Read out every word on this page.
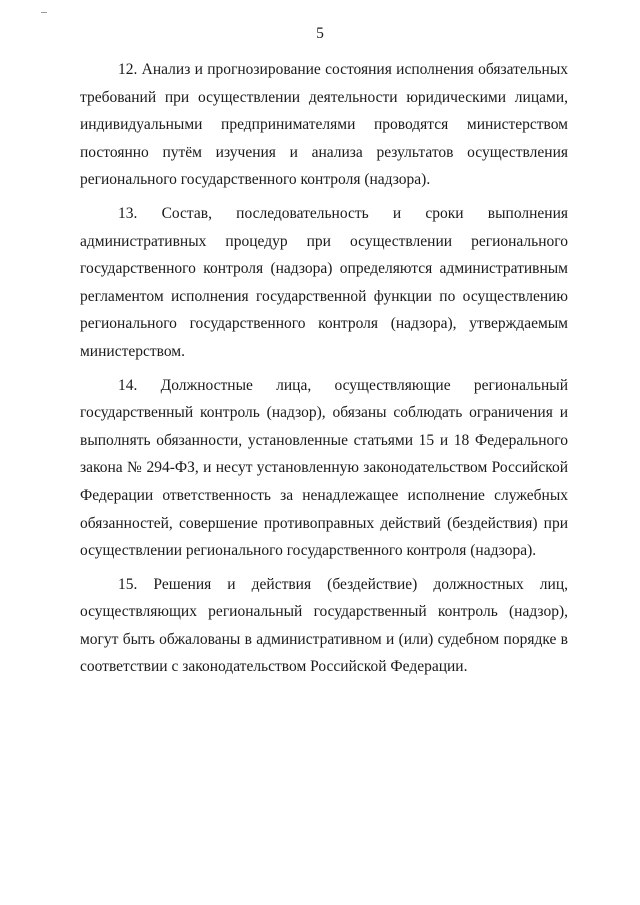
5

12. Анализ и прогнозирование состояния исполнения обязательных требований при осуществлении деятельности юридическими лицами, индивидуальными предпринимателями проводятся министерством постоянно путём изучения и анализа результатов осуществления регионального государственного контроля (надзора).

13. Состав, последовательность и сроки выполнения административных процедур при осуществлении регионального государственного контроля (надзора) определяются административным регламентом исполнения государственной функции по осуществлению регионального государственного контроля (надзора), утверждаемым министерством.

14. Должностные лица, осуществляющие региональный государственный контроль (надзор), обязаны соблюдать ограничения и выполнять обязанности, установленные статьями 15 и 18 Федерального закона № 294-ФЗ, и несут установленную законодательством Российской Федерации ответственность за ненадлежащее исполнение служебных обязанностей, совершение противоправных действий (бездействия) при осуществлении регионального государственного контроля (надзора).

15. Решения и действия (бездействие) должностных лиц, осуществляющих региональный государственный контроль (надзор), могут быть обжалованы в административном и (или) судебном порядке в соответствии с законодательством Российской Федерации.
